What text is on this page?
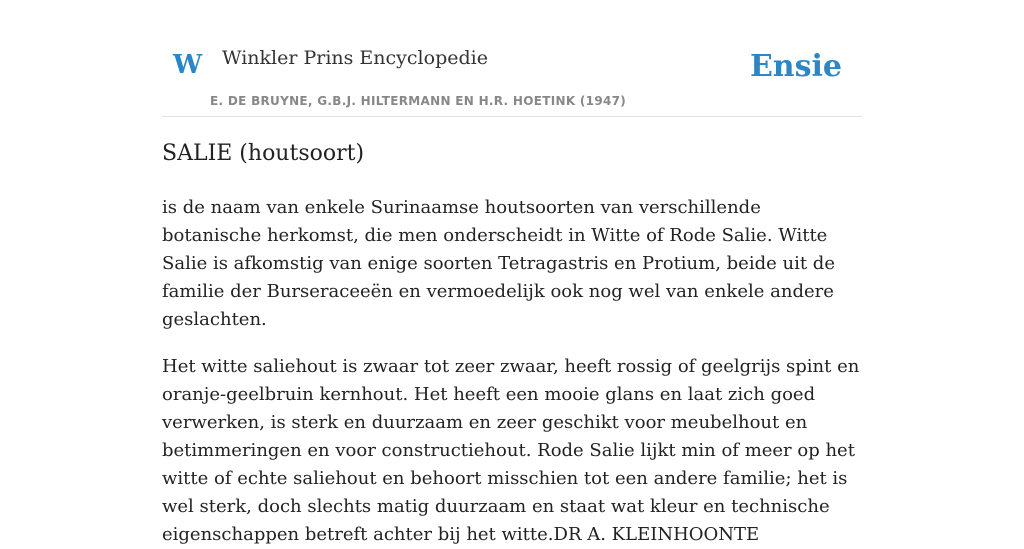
W Winkler Prins Encyclopedie	Ensie
E. DE BRUYNE, G.B.J. HILTERMANN EN H.R. HOETINK (1947)
SALIE (houtsoort)

is de naam van enkele Surinaamse houtsoorten van verschillende botanische herkomst, die men onderscheidt in Witte of Rode Salie. Witte Salie is afkomstig van enige soorten Tetragastris en Protium, beide uit de familie der Burseraceeën en vermoedelijk ook nog wel van enkele andere geslachten.

Het witte saliehout is zwaar tot zeer zwaar, heeft rossig of geelgrijs spint en oranje-geelbruin kernhout. Het heeft een mooie glans en laat zich goed verwerken, is sterk en duurzaam en zeer geschikt voor meubelhout en betimmeringen en voor constructiehout. Rode Salie lijkt min of meer op het witte of echte saliehout en behoort misschien tot een andere familie; het is wel sterk, doch slechts matig duurzaam en staat wat kleur en technische eigenschappen betreft achter bij het witte.DR A. KLEINHOONTE
